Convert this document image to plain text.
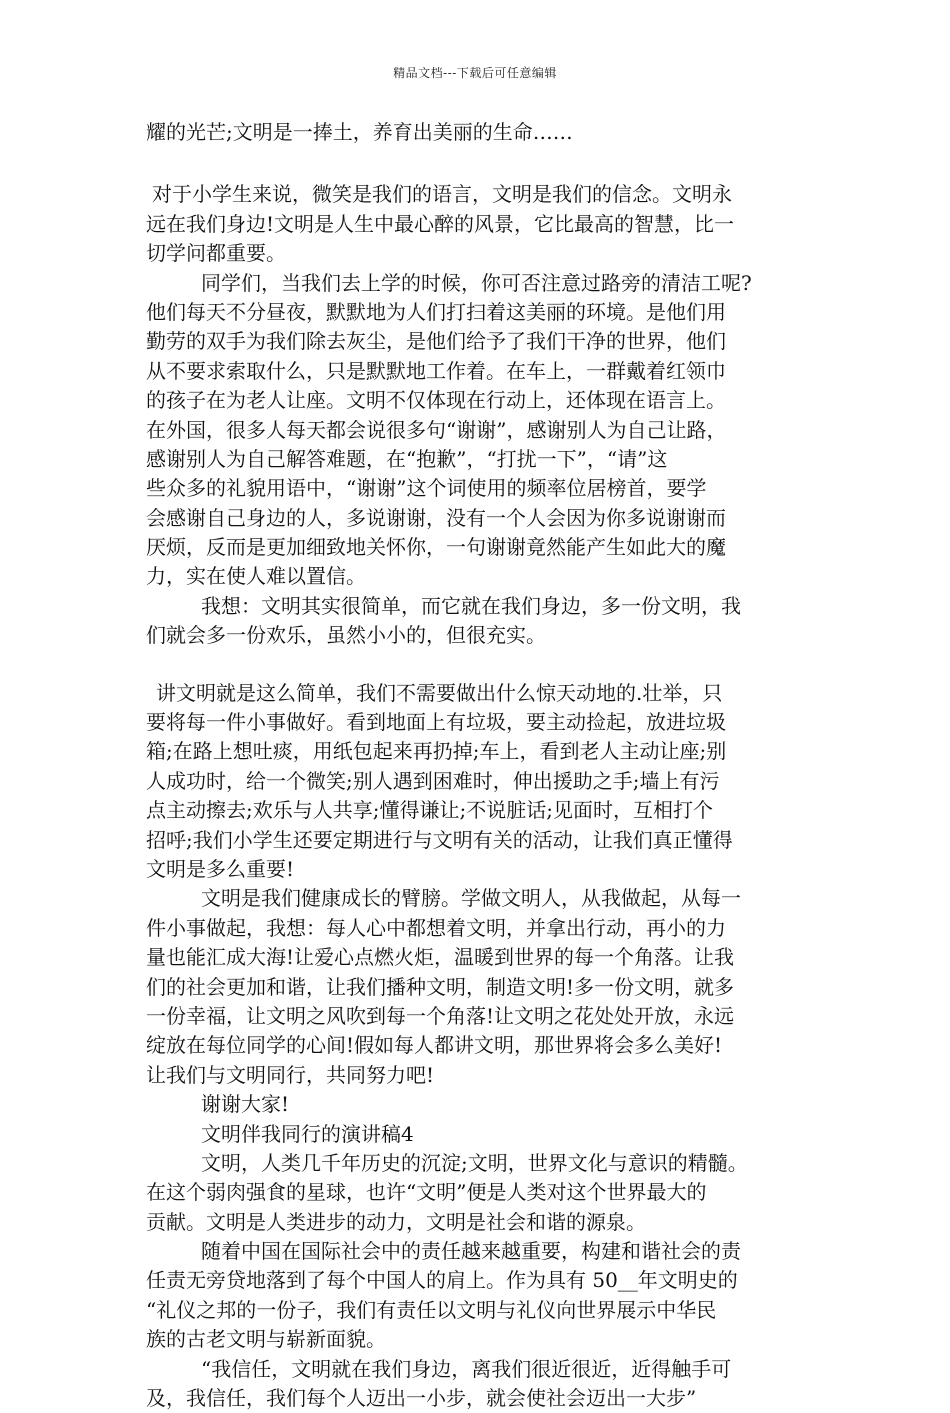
精品文档---下载后可任意编辑
耀的光芒;文明是一捧土，养育出美丽的生命……
对于小学生来说，微笑是我们的语言，文明是我们的信念。文明永
远在我们身边!文明是人生中最心醉的风景，它比最高的智慧，比一
切学问都重要。
同学们，当我们去上学的时候，你可否注意过路旁的清洁工呢?
他们每天不分昼夜，默默地为人们打扫着这美丽的环境。是他们用
勤劳的双手为我们除去灰尘，是他们给予了我们干净的世界，他们
从不要求索取什么，只是默默地工作着。在车上，一群戴着红领巾
的孩子在为老人让座。文明不仅体现在行动上，还体现在语言上。
在外国，很多人每天都会说很多句“谢谢”，感谢别人为自己让路，
感谢别人为自己解答难题，在“抱歉”，“打扰一下”，“请”这
些众多的礼貌用语中，“谢谢”这个词使用的频率位居榜首，要学
会感谢自己身边的人，多说谢谢，没有一个人会因为你多说谢谢而
厌烦，反而是更加细致地关怀你，一句谢谢竟然能产生如此大的魔
力，实在使人难以置信。
我想：文明其实很简单，而它就在我们身边，多一份文明，我
们就会多一份欢乐，虽然小小的，但很充实。
讲文明就是这么简单，我们不需要做出什么惊天动地的.壮举，只
要将每一件小事做好。看到地面上有垃圾，要主动捡起，放进垃圾
箱;在路上想吐痰，用纸包起来再扔掉;车上，看到老人主动让座;别
人成功时，给一个微笑;别人遇到困难时，伸出援助之手;墙上有污
点主动擦去;欢乐与人共享;懂得谦让;不说脏话;见面时，互相打个
招呼;我们小学生还要定期进行与文明有关的活动，让我们真正懂得
文明是多么重要!
文明是我们健康成长的臂膀。学做文明人，从我做起，从每一
件小事做起，我想：每人心中都想着文明，并拿出行动，再小的力
量也能汇成大海!让爱心点燃火炬，温暖到世界的每一个角落。让我
们的社会更加和谐，让我们播种文明，制造文明!多一份文明，就多
一份幸福，让文明之风吹到每一个角落!让文明之花处处开放，永远
绽放在每位同学的心间!假如每人都讲文明，那世界将会多么美好!
让我们与文明同行，共同努力吧!
谢谢大家!
文明伴我同行的演讲稿4
文明，人类几千年历史的沉淀;文明，世界文化与意识的精髓。
在这个弱肉强食的星球，也许“文明”便是人类对这个世界最大的
贡献。文明是人类进步的动力，文明是社会和谐的源泉。
随着中国在国际社会中的责任越来越重要，构建和谐社会的责
任责无旁贷地落到了每个中国人的肩上。作为具有 50__年文明史的
“礼仪之邦的一份子，我们有责任以文明与礼仪向世界展示中华民
族的古老文明与崭新面貌。
“我信任，文明就在我们身边，离我们很近很近，近得触手可
及，我信任，我们每个人迈出一小步，就会使社会迈出一大步”
